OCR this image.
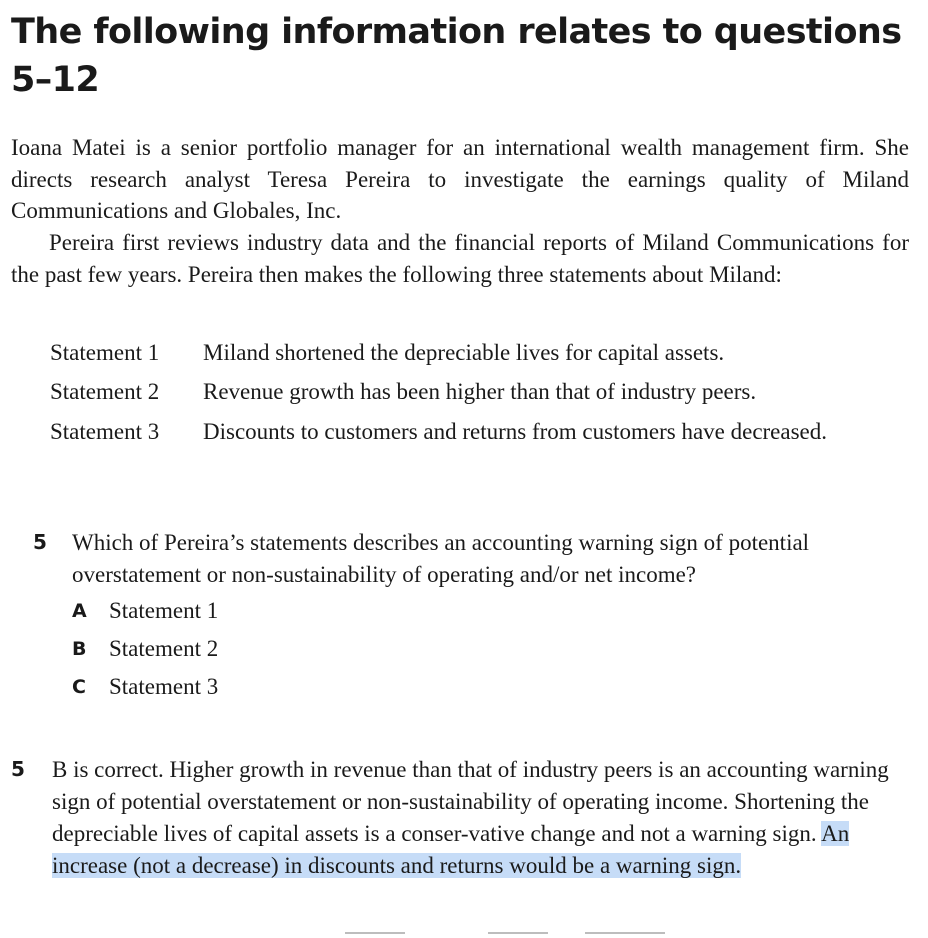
The following information relates to questions
5–12

Ioana Matei is a senior portfolio manager for an international wealth management firm. She directs research analyst Teresa Pereira to investigate the earnings quality of Miland Communications and Globales, Inc.

Pereira first reviews industry data and the financial reports of Miland Communications for the past few years. Pereira then makes the following three statements about Miland:

Statement 1 Miland shortened the depreciable lives for capital assets.
Statement 2 Revenue growth has been higher than that of industry peers.
Statement 3 Discounts to customers and returns from customers have decreased.
5 Which of Pereira’s statements describes an accounting warning sign of potential overstatement or non-sustainability of operating and/or net income?

A Statement 1
B Statement 2
C Statement 3
5 B is correct. Higher growth in revenue than that of industry peers is an accounting warning sign of potential overstatement or non-sustainability of operating income. Shortening the depreciable lives of capital assets is a conser-vative change and not a warning sign. An increase (not a decrease) in discounts and returns would be a warning sign.
